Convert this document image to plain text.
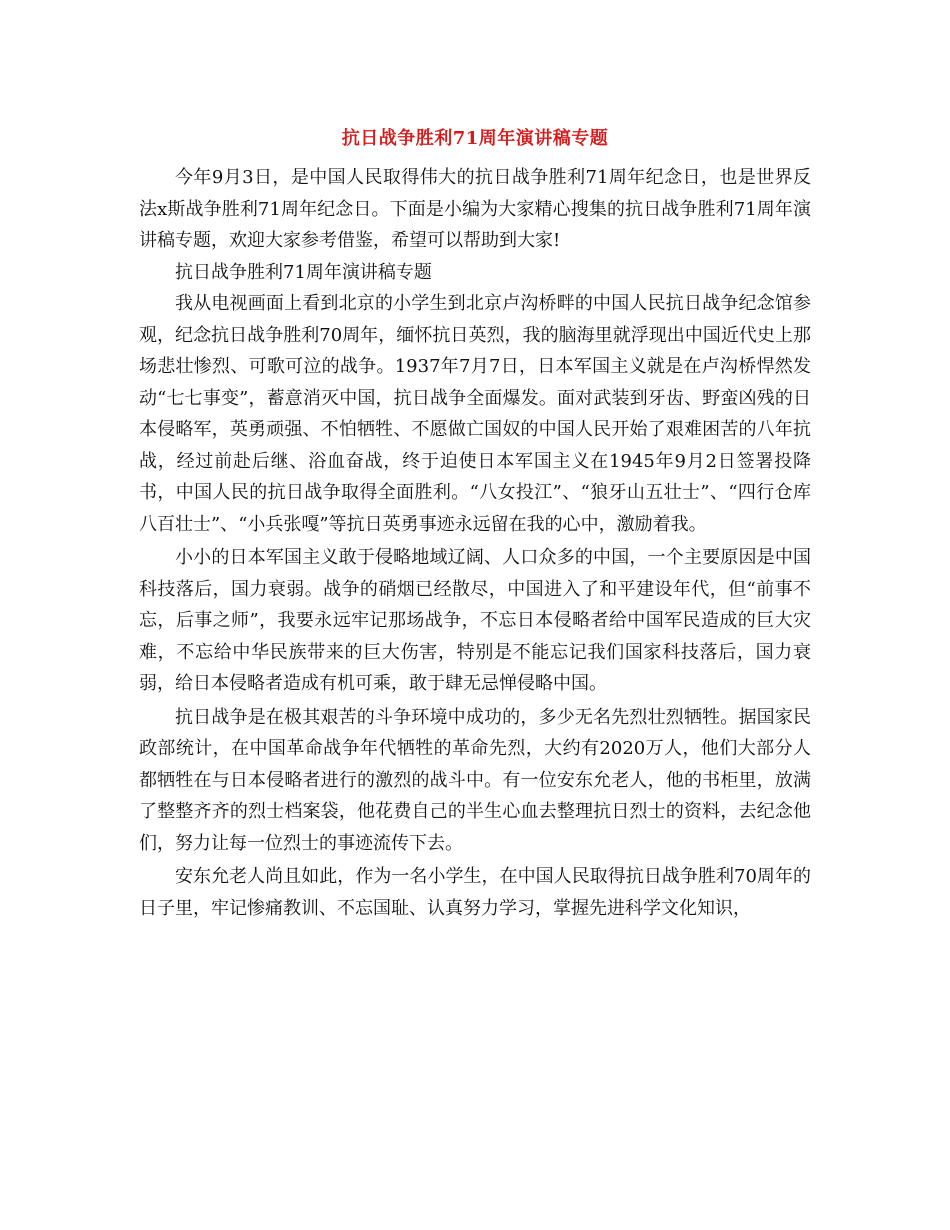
抗日战争胜利71周年演讲稿专题

今年9月3日，是中国人民取得伟大的抗日战争胜利71周年纪念日，也是世界反法x斯战争胜利71周年纪念日。下面是小编为大家精心搜集的抗日战争胜利71周年演讲稿专题，欢迎大家参考借鉴，希望可以帮助到大家!

抗日战争胜利71周年演讲稿专题

我从电视画面上看到北京的小学生到北京卢沟桥畔的中国人民抗日战争纪念馆参观，纪念抗日战争胜利70周年，缅怀抗日英烈，我的脑海里就浮现出中国近代史上那场悲壮惨烈、可歌可泣的战争。1937年7月7日，日本军国主义就是在卢沟桥悍然发动“七七事变”，蓄意消灭中国，抗日战争全面爆发。面对武装到牙齿、野蛮凶残的日本侵略军，英勇顽强、不怕牺牲、不愿做亡国奴的中国人民开始了艰难困苦的八年抗战，经过前赴后继、浴血奋战，终于迫使日本军国主义在1945年9月2日签署投降书，中国人民的抗日战争取得全面胜利。“八女投江”、“狼牙山五壮士”、“四行仓库八百壮士”、“小兵张嘎”等抗日英勇事迹永远留在我的心中，激励着我。

小小的日本军国主义敢于侵略地域辽阔、人口众多的中国，一个主要原因是中国科技落后，国力衰弱。战争的硝烟已经散尽，中国进入了和平建设年代，但“前事不忘，后事之师”，我要永远牢记那场战争，不忘日本侵略者给中国军民造成的巨大灾难，不忘给中华民族带来的巨大伤害，特别是不能忘记我们国家科技落后，国力衰弱，给日本侵略者造成有机可乘，敢于肆无忌惮侵略中国。

抗日战争是在极其艰苦的斗争环境中成功的，多少无名先烈壮烈牺牲。据国家民政部统计，在中国革命战争年代牺牲的革命先烈，大约有2020万人，他们大部分人都牺牲在与日本侵略者进行的激烈的战斗中。有一位安东允老人，他的书柜里，放满了整整齐齐的烈士档案袋，他花费自己的半生心血去整理抗日烈士的资料，去纪念他们，努力让每一位烈士的事迹流传下去。

安东允老人尚且如此，作为一名小学生，在中国人民取得抗日战争胜利70周年的日子里，牢记惨痛教训、不忘国耻、认真努力学习，掌握先进科学文化知识，
